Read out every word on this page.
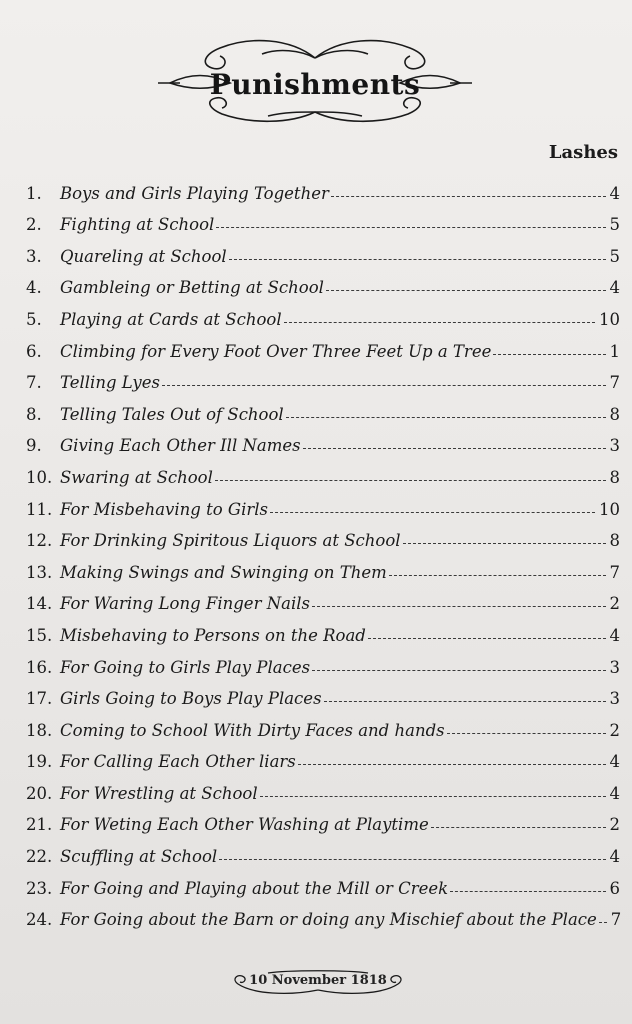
Punishments
Lashes
1.	Boys and Girls Playing Together	4
2.	Fighting at School	5
3.	Quareling at School	5
4.	Gambleing or Betting at School	4
5.	Playing at Cards at School	10
6.	Climbing for Every Foot Over Three Feet Up a Tree	1
7.	Telling Lyes	7
8.	Telling Tales Out of School	8
9.	Giving Each Other Ill Names	3
10. Swaring at School	8
11. For Misbehaving to Girls	10
12. For Drinking Spiritous Liquors at School	8
13. Making Swings and Swinging on Them	7
14. For Waring Long Finger Nails	2
15. Misbehaving to Persons on the Road	4
16. For Going to Girls Play Places	3
17. Girls Going to Boys Play Places	3
18. Coming to School With Dirty Faces and hands	2
19. For Calling Each Other liars	4
20. For Wrestling at School	4
21. For Weting Each Other Washing at Playtime	2
22. Scuffling at School	4
23. For Going and Playing about the Mill or Creek	6
24. For Going about the Barn or doing any Mischief about the Place 7
10 November 1818
